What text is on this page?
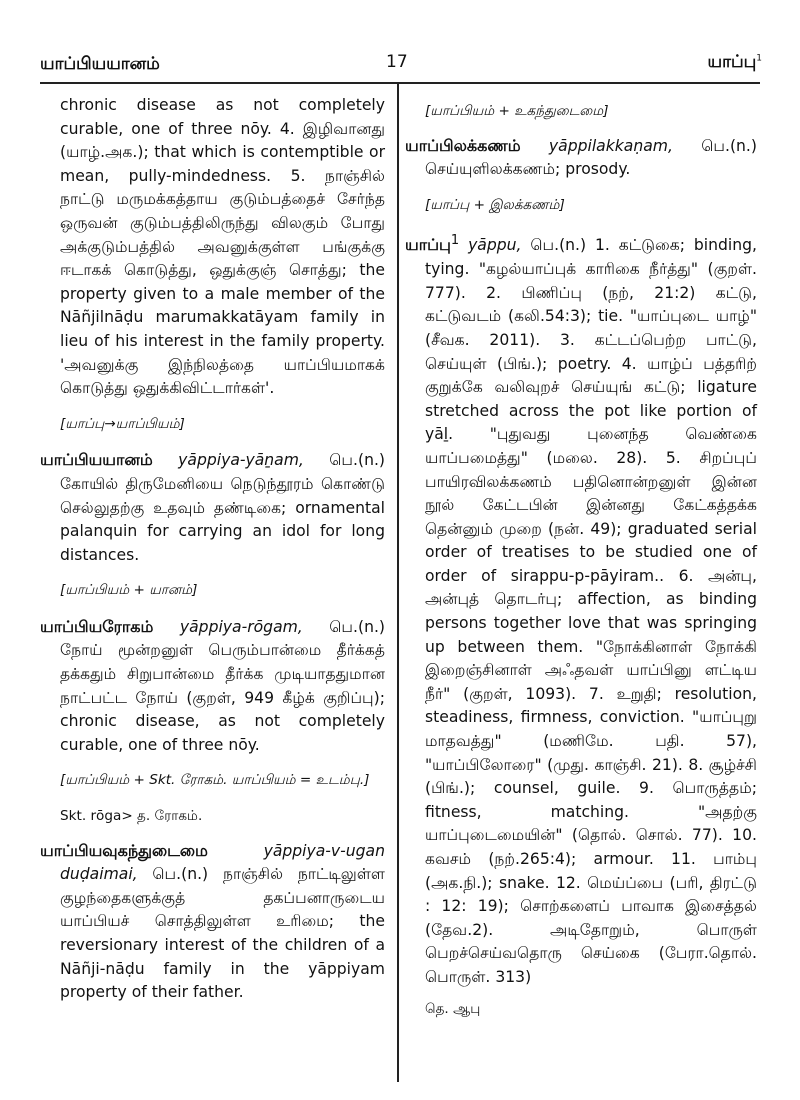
யாப்பியயானம்	17	யாப்பு$^1$

chronic disease as not completely curable, one of three nōy. 4. இழிவானது (யாழ்.அக.); that which is contemptible or mean, pully-mindedness. 5. நாஞ்சில் நாட்டு மருமக்கத்தாய குடும்பத்தைச் சேர்ந்த ஒருவன் குடும்பத்திலிருந்து விலகும் போது அக்குடும்பத்தில் அவனுக்குள்ள பங்குக்கு ஈடாகக் கொடுத்து, ஒதுக்குஞ் சொத்து; the property given to a male member of the Nāñjilnāḍu marumakkatāyam family in lieu of his interest in the family property. 'அவனுக்கு இந்நிலத்தை யாப்பியமாகக் கொடுத்து ஒதுக்கிவிட்டார்கள்'.

[யாப்பு→யாப்பியம்]

யாப்பியயானம் yāppiya-yāṉam, பெ.(n.) கோயில் திருமேனியை நெடுந்தூரம் கொண்டு செல்லுதற்கு உதவும் தண்டிகை; ornamental palanquin for carrying an idol for long distances.

[யாப்பியம் + யானம்]

யாப்பியரோகம் yāppiya-rōgam, பெ.(n.) நோய் மூன்றனுள் பெரும்பான்மை தீர்க்கத் தக்கதும் சிறுபான்மை தீர்க்க முடியாததுமான நாட்பட்ட நோய் (குறள், 949 கீழ்க் குறிப்பு); chronic disease, as not completely curable, one of three nōy.

[யாப்பியம் + Skt. ரோகம். யாப்பியம் = உடம்பு.]
Skt. rōga> த. ரோகம்.

யாப்பியவுகந்துடைமை	yāppiya-v-ugan duḍaimai, பெ.(n.) நாஞ்சில் நாட்டிலுள்ள குழந்தைகளுக்குத் தகப்பனாருடைய யாப்பியச் சொத்திலுள்ள உரிமை; the reversionary interest of the children of a Nāñji-nāḍu family in the yāppiyam property of their father.

[யாப்பியம் + உகந்துடைமை]

யாப்பிலக்கணம் yāppilakkaṇam, பெ.(n.) செய்யுளிலக்கணம்; prosody.

[யாப்பு + இலக்கணம்]

யாப்பு$^1$ yāppu, பெ.(n.) 1. கட்டுகை; binding, tying. "கழல்யாப்புக் காரிகை நீர்த்து" (குறள். 777). 2. பிணிப்பு (நற், 21:2) கட்டு, கட்டுவடம் (கலி.54:3); tie. "யாப்புடை யாழ்" (சீவக. 2011). 3. கட்டப்பெற்ற பாட்டு, செய்யுள் (பிங்.); poetry. 4. யாழ்ப் பத்தரிற் குறுக்கே வலிவுறச் செய்யுங் கட்டு; ligature stretched across the pot like portion of yāḻ. "புதுவது புனைந்த வெண்கை யாப்பமைத்து" (மலை. 28). 5. சிறப்புப் பாயிரவிலக்கணம் பதினொன்றனுள் இன்ன நூல் கேட்டபின் இன்னது கேட்கத்தக்க தென்னும் முறை (நன். 49); graduated serial order of treatises to be studied one of order of sirappu-p-pāyiram.. 6. அன்பு, அன்புத் தொடர்பு; affection, as binding persons together love that was springing up between them. "நோக்கினாள் நோக்கி இறைஞ்சினாள் அஃதவள் யாப்பினு ளட்டிய நீர்" (குறள், 1093). 7. உறுதி; resolution, steadiness, firmness, conviction. "யாப்புறு மாதவத்து" (மணிமே. பதி. 57), "யாப்பிலோரை" (முது. காஞ்சி. 21). 8. சூழ்ச்சி (பிங்.); counsel, guile. 9. பொருத்தம்; fitness, matching. "அதற்கு யாப்புடைமையின்" (தொல். சொல். 77). 10. கவசம் (நற்.265:4); armour. 11. பாம்பு (அக.நி.); snake. 12. மெய்ப்பை (பரி, திரட்டு : 12: 19); சொற்களைப் பாவாக இசைத்தல் (தேவ.2). அடிதோறும், பொருள் பெறச்செய்வதொரு செய்கை (பேரா.தொல். பொருள். 313)

தெ. ஆபு
